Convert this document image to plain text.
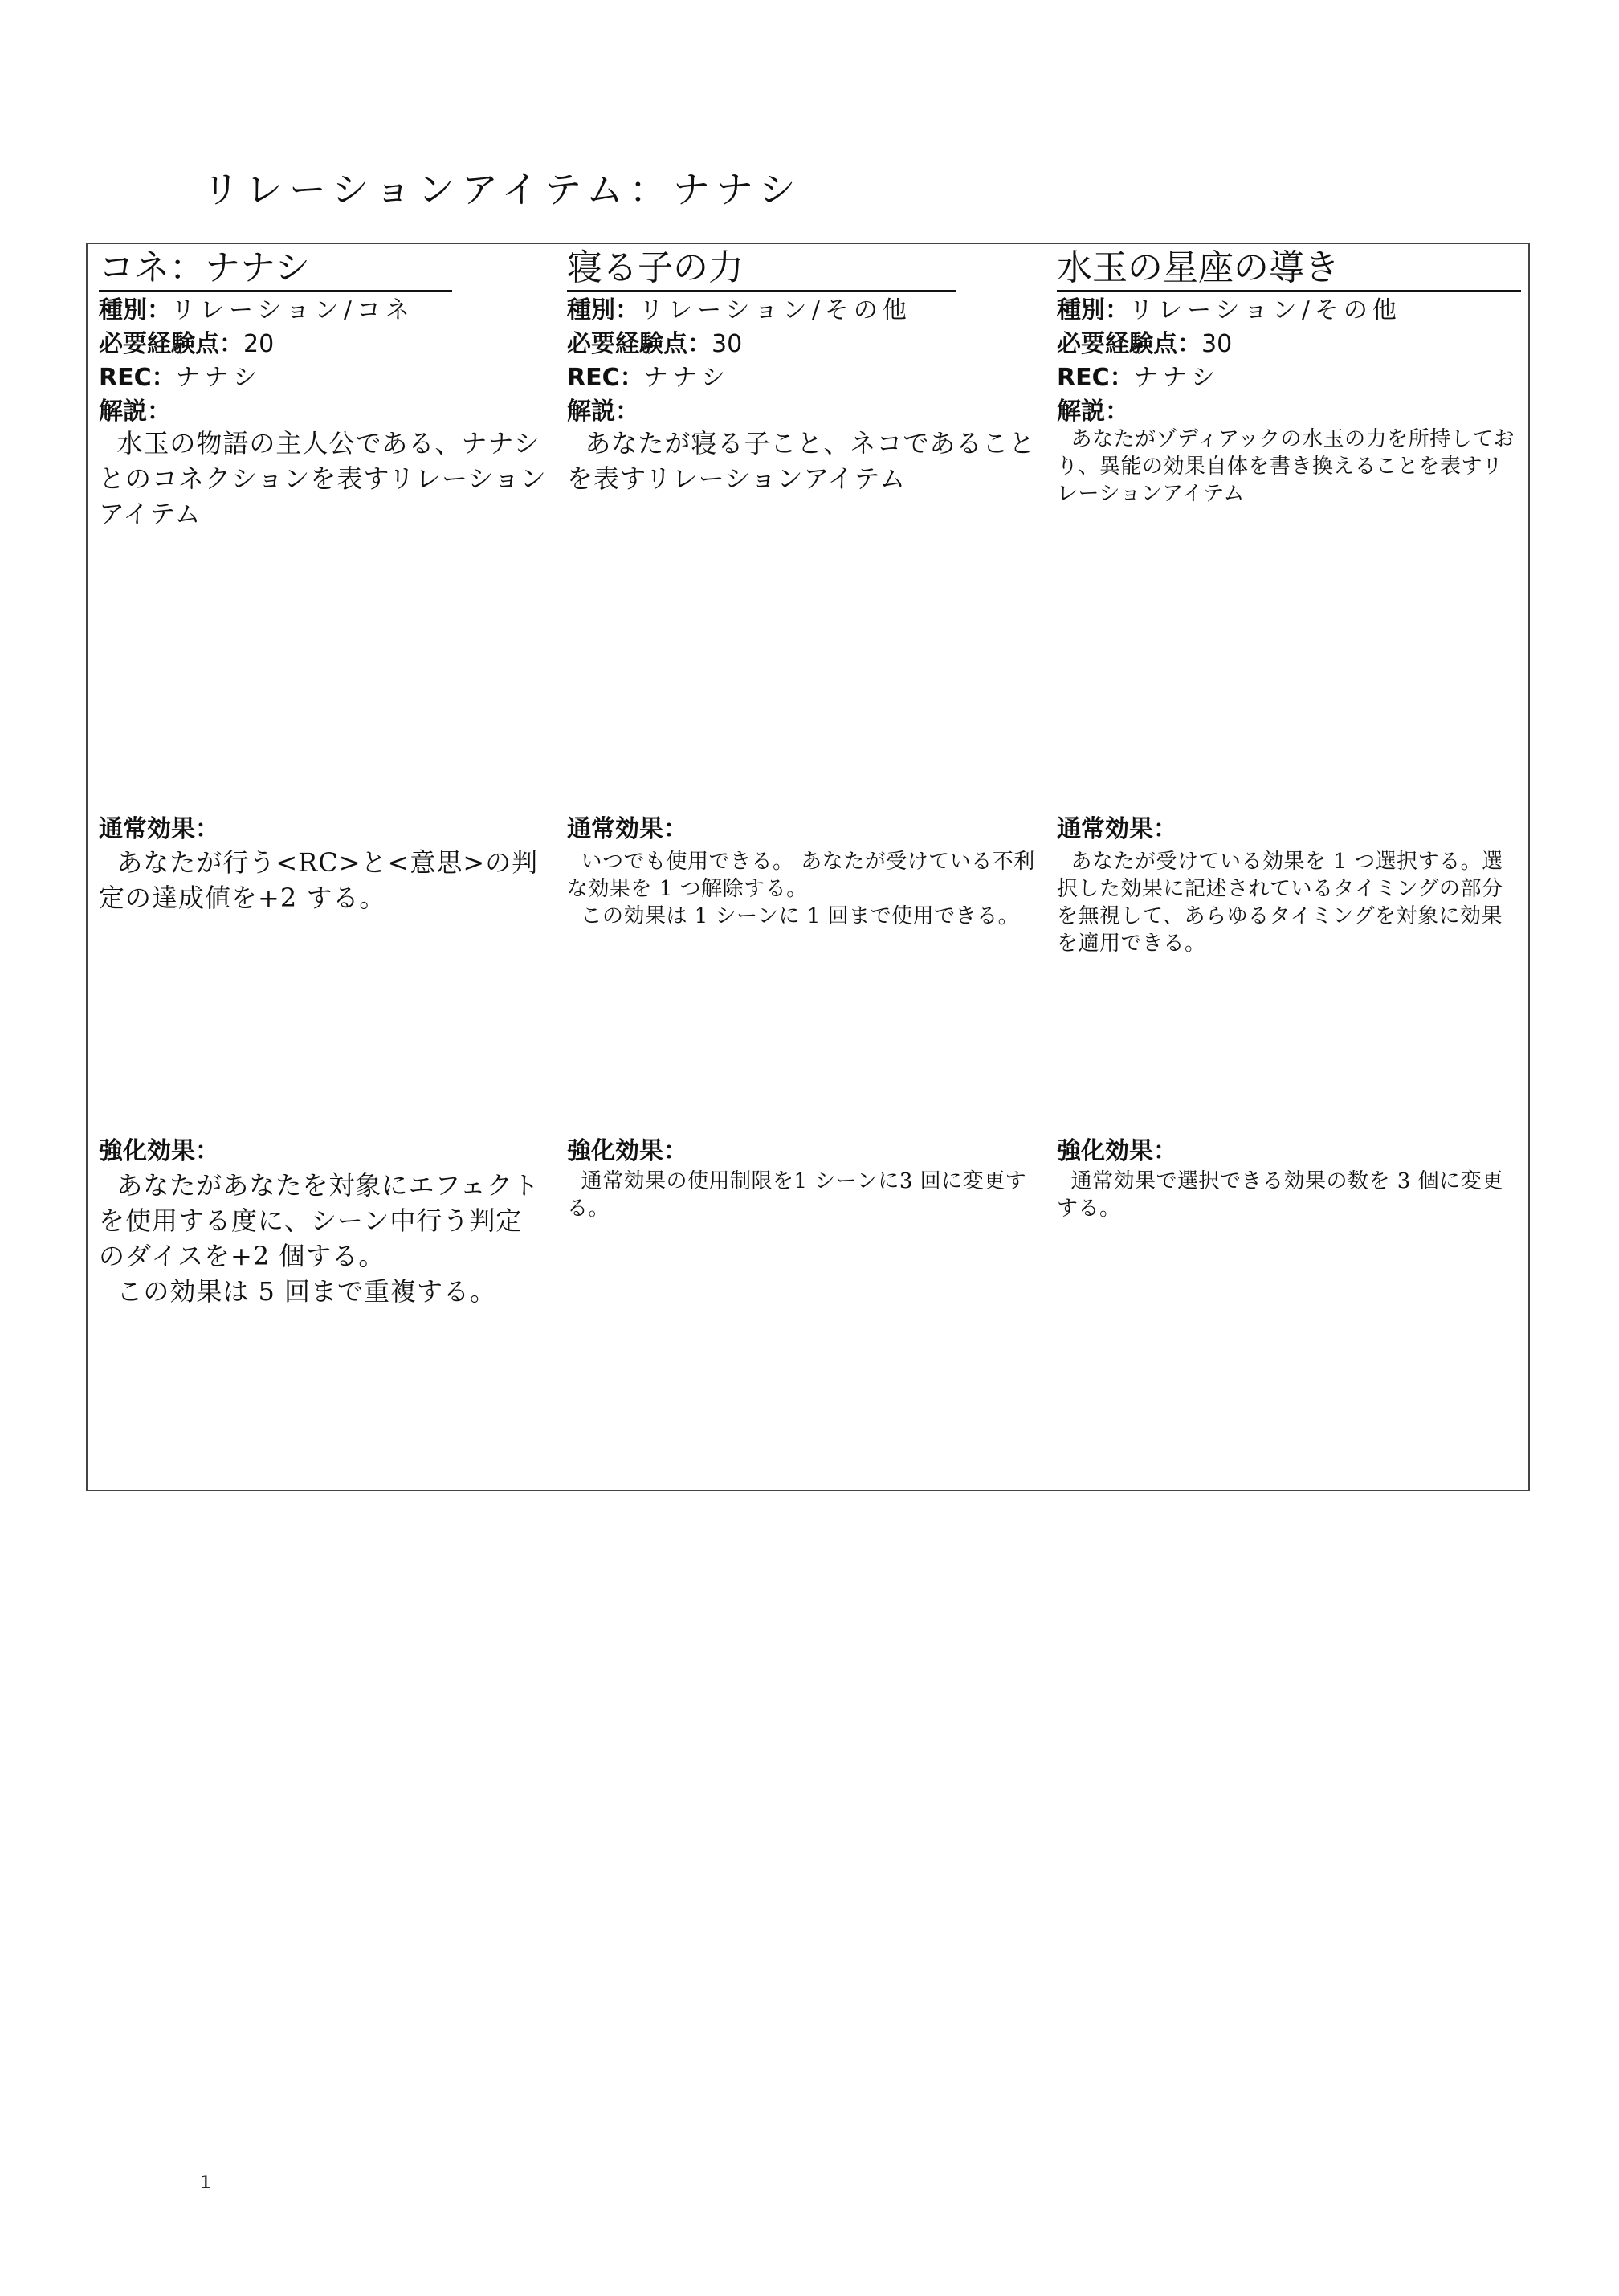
リレーションアイテム：ナナシ
コネ：ナナシ
種別：リレーション/コネ
必要経験点：20
REC：ナナシ
解説：
水玉の物語の主人公である、ナナシとのコネクションを表すリレーションアイテム
通常効果：
あなたが行う<RC>と<意思>の判定の達成値を+2 する。
強化効果：
あなたがあなたを対象にエフェクトを使用する度に、シーン中行う判定のダイスを+2 個する。
この効果は 5 回まで重複する。
寝る子の力
種別：リレーション/その他
必要経験点：30
REC：ナナシ
解説：
あなたが寝る子こと、ネコであることを表すリレーションアイテム
通常効果：
いつでも使用できる。 あなたが受けている不利な効果を 1 つ解除する。
この効果は 1 シーンに 1 回まで使用できる。
強化効果：
通常効果の使用制限を1 シーンに3 回に変更する。
水玉の星座の導き
種別：リレーション/その他
必要経験点：30
REC：ナナシ
解説：
あなたがゾディアックの水玉の力を所持しており、異能の効果自体を書き換えることを表すリレーションアイテム
通常効果：
あなたが受けている効果を 1 つ選択する。選択した効果に記述されているタイミングの部分を無視して、あらゆるタイミングを対象に効果を適用できる。
強化効果：
通常効果で選択できる効果の数を 3 個に変更する。
1
